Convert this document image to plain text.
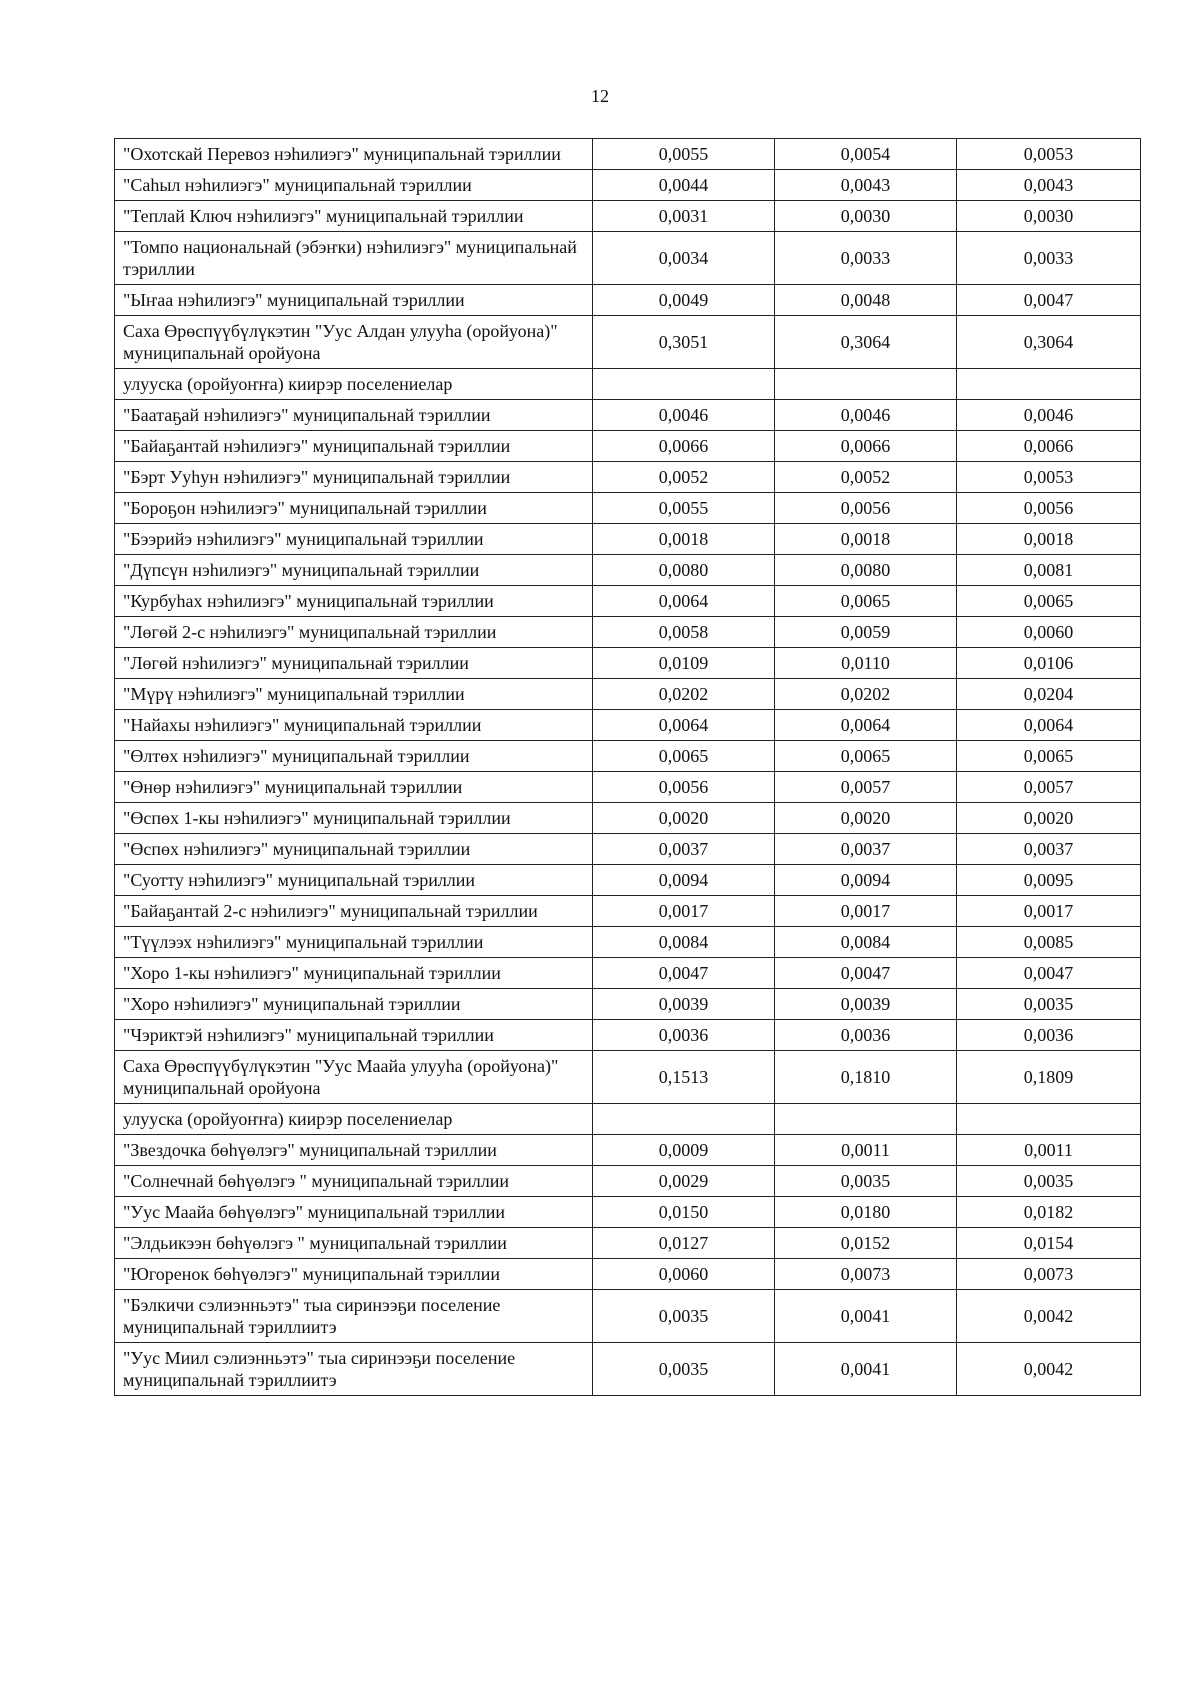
12
"Охотскай Перевоз нэһилиэгэ" муниципальнай тэриллии	0,0055	0,0054	0,0053
"Саһыл нэһилиэгэ" муниципальнай тэриллии	0,0044	0,0043	0,0043
"Теплай Ключ нэһилиэгэ" муниципальнай тэриллии	0,0031	0,0030	0,0030
"Томпо национальнай (эбэҥки) нэһилиэгэ" муниципальнай тэриллии	0,0034	0,0033	0,0033
"Ыҥаа нэһилиэгэ" муниципальнай тэриллии	0,0049	0,0048	0,0047
Саха Өрөспүүбүлүкэтин "Уус Алдан улууһа (оройуона)" муниципальнай оройуона	0,3051	0,3064	0,3064
улууска (оройуоҥҥа) киирэр поселениелар			
"Баатаҕай нэһилиэгэ" муниципальнай тэриллии	0,0046	0,0046	0,0046
"Байаҕантай нэһилиэгэ" муниципальнай тэриллии	0,0066	0,0066	0,0066
"Бэрт Ууһун нэһилиэгэ" муниципальнай тэриллии	0,0052	0,0052	0,0053
"Бороҕон нэһилиэгэ" муниципальнай тэриллии	0,0055	0,0056	0,0056
"Бээрийэ нэһилиэгэ" муниципальнай тэриллии	0,0018	0,0018	0,0018
"Дүпсүн нэһилиэгэ" муниципальнай тэриллии	0,0080	0,0080	0,0081
"Курбуһах нэһилиэгэ" муниципальнай тэриллии	0,0064	0,0065	0,0065
"Лөгөй 2-с нэһилиэгэ" муниципальнай тэриллии	0,0058	0,0059	0,0060
"Лөгөй нэһилиэгэ" муниципальнай тэриллии	0,0109	0,0110	0,0106
"Мүрү нэһилиэгэ" муниципальнай тэриллии	0,0202	0,0202	0,0204
"Найахы нэһилиэгэ" муниципальнай тэриллии	0,0064	0,0064	0,0064
"Өлтөх нэһилиэгэ" муниципальнай тэриллии	0,0065	0,0065	0,0065
"Өнөр нэһилиэгэ" муниципальнай тэриллии	0,0056	0,0057	0,0057
"Өспөх 1-кы нэһилиэгэ" муниципальнай тэриллии	0,0020	0,0020	0,0020
"Өспөх нэһилиэгэ" муниципальнай тэриллии	0,0037	0,0037	0,0037
"Суотту нэһилиэгэ" муниципальнай тэриллии	0,0094	0,0094	0,0095
"Байаҕантай 2-с нэһилиэгэ" муниципальнай тэриллии	0,0017	0,0017	0,0017
"Түүлээх нэһилиэгэ" муниципальнай тэриллии	0,0084	0,0084	0,0085
"Хоро 1-кы нэһилиэгэ" муниципальнай тэриллии	0,0047	0,0047	0,0047
"Хоро нэһилиэгэ" муниципальнай тэриллии	0,0039	0,0039	0,0035
"Чэриктэй нэһилиэгэ" муниципальнай тэриллии	0,0036	0,0036	0,0036
Саха Өрөспүүбүлүкэтин "Уус Маайа улууһа (оройуона)" муниципальнай оройуона	0,1513	0,1810	0,1809
улууска (оройуоҥҥа) киирэр поселениелар			
"Звездочка бөһүөлэгэ" муниципальнай тэриллии	0,0009	0,0011	0,0011
"Солнечнай бөһүөлэгэ " муниципальнай тэриллии	0,0029	0,0035	0,0035
"Уус Маайа бөһүөлэгэ" муниципальнай тэриллии	0,0150	0,0180	0,0182
"Элдьикээн бөһүөлэгэ " муниципальнай тэриллии	0,0127	0,0152	0,0154
"Югоренок бөһүөлэгэ" муниципальнай тэриллии	0,0060	0,0073	0,0073
"Бэлкичи сэлиэнньэтэ" тыа сиринээҕи поселение муниципальнай тэриллиитэ	0,0035	0,0041	0,0042
"Уус Миил сэлиэнньэтэ" тыа сиринээҕи поселение муниципальнай тэриллиитэ	0,0035	0,0041	0,0042
